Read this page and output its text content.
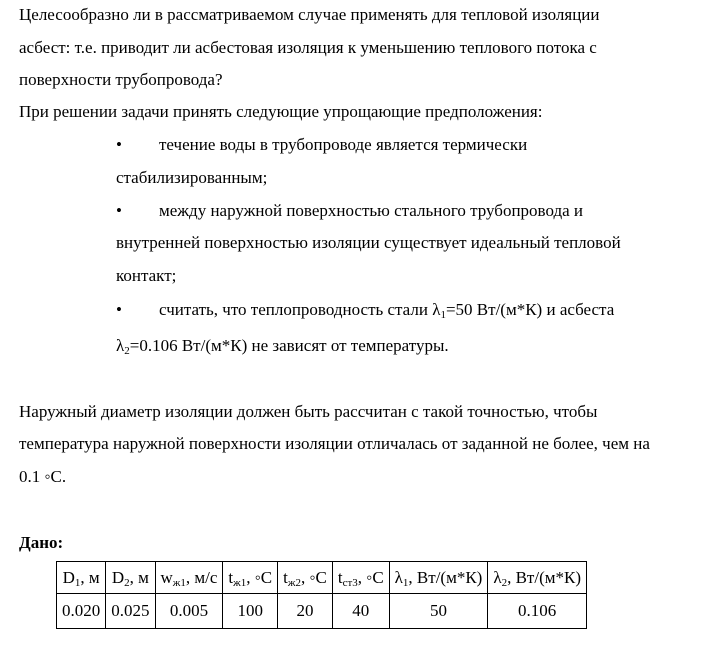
Целесообразно ли в рассматриваемом случае применять для тепловой изоляции
асбест: т.е. приводит ли асбестовая изоляция к уменьшению теплового потока с
поверхности трубопровода?
При решении задачи принять следующие упрощающие предположения:
• течение воды в трубопроводе является термически
стабилизированным;
• между наружной поверхностью стального трубопровода и
внутренней поверхностью изоляции существует идеальный тепловой
контакт;
• считать, что теплопроводность стали $\lambda_1=50$ Вт/(м*К) и асбеста
$\lambda_2=0.106$ Вт/(м*К) не зависят от температуры.
Наружный диаметр изоляции должен быть рассчитан с такой точностью, чтобы
температура наружной поверхности изоляции отличалась от заданной не более, чем на
0.1 ◦С.
Дано:
$D_1$, м	$D_2$, м	$w_{ж1}$, м/с	$t_{ж1}$, ◦С	$t_{ж2}$, ◦С	$t_{ст3}$, ◦С	$\lambda_1$, Вт/(м*К)	$\lambda_2$, Вт/(м*К)
0.020	0.025	0.005	100	20	40	50	0.106
